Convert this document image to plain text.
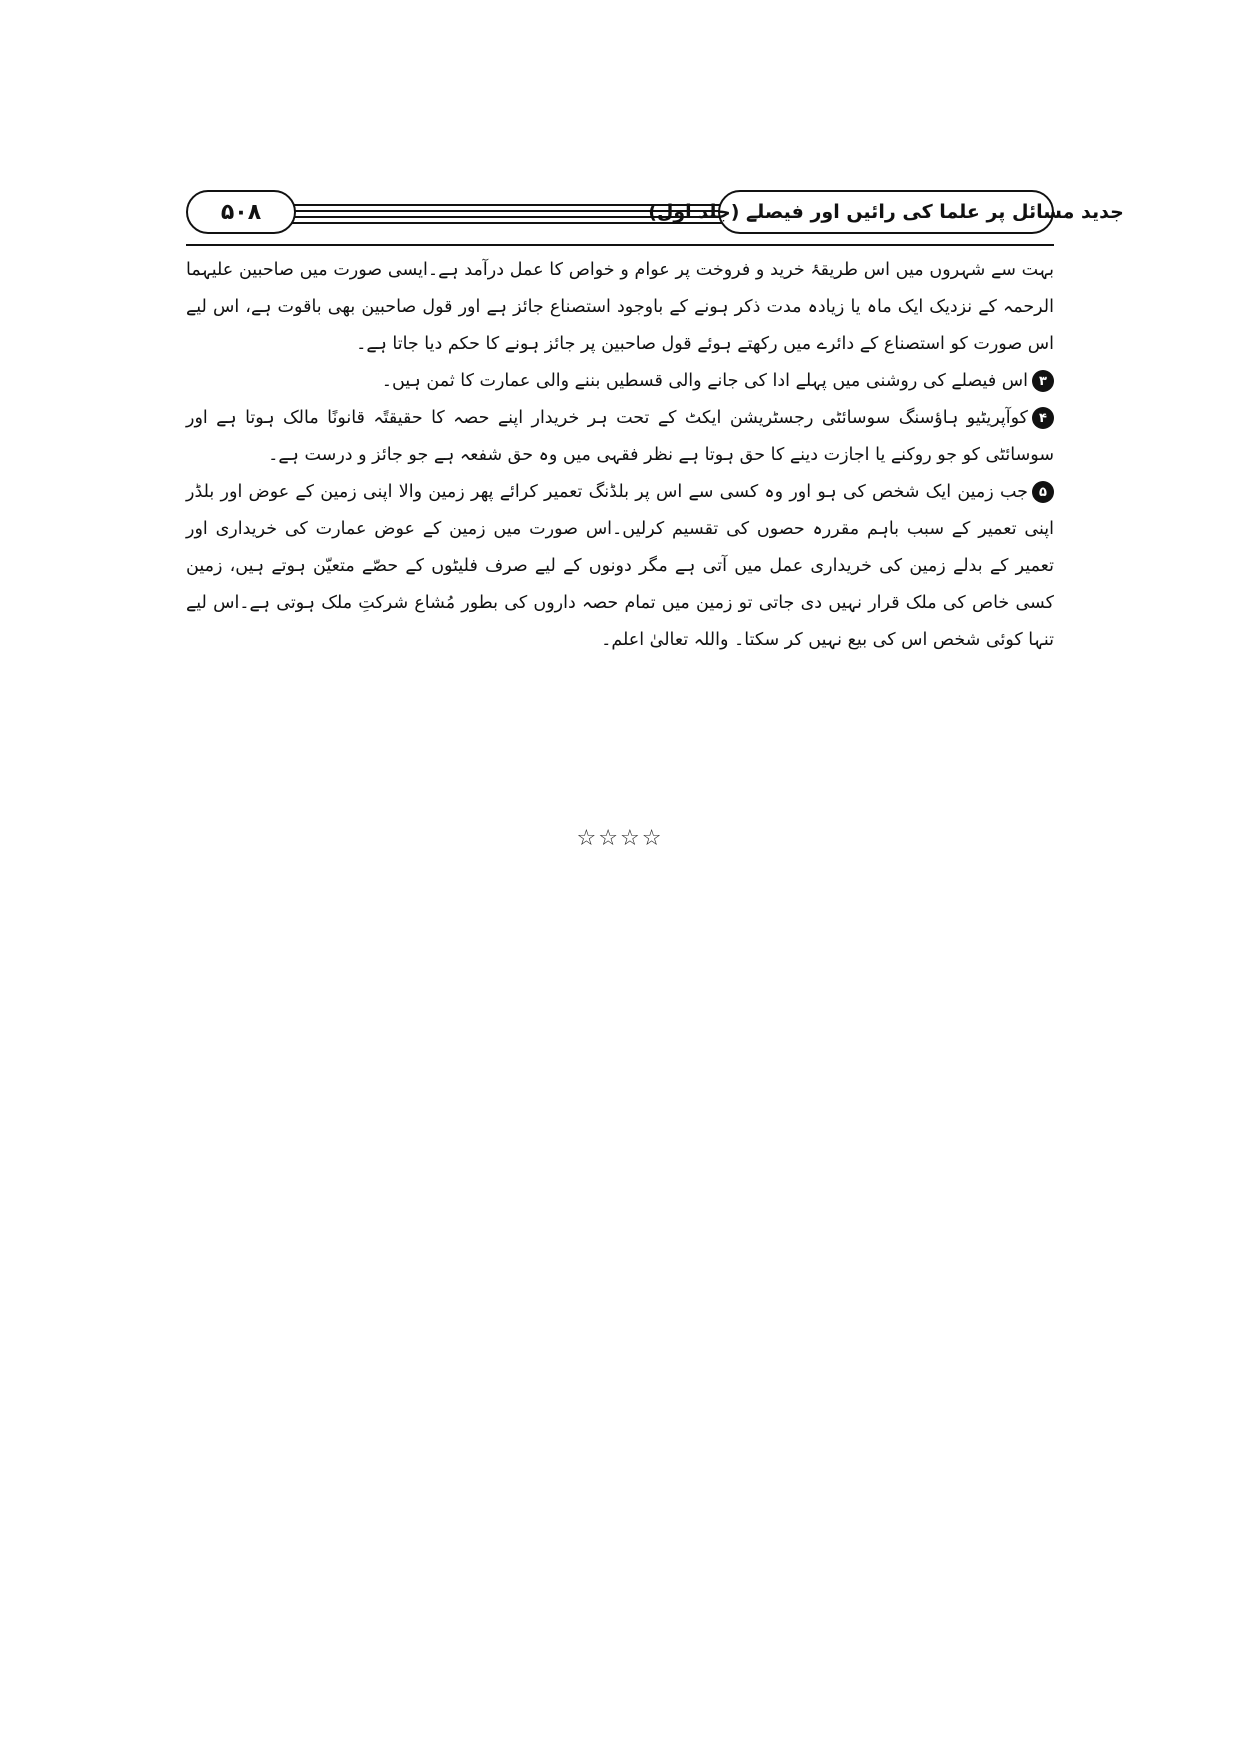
۵۰۸	جدید مسائل پر علما کی رائیں اور فیصلے (جلد اول)

بہت سے شہروں میں اس طریقۂ خرید و فروخت پر عوام و خواص کا عمل درآمد ہے۔ایسی صورت میں صاحبین علیہما الرحمہ کے نزدیک ایک ماہ یا زیادہ مدت ذکر ہونے کے باوجود استصناع جائز ہے اور قول صاحبین بھی باقوت ہے، اس لیے اس صورت کو استصناع کے دائرے میں رکھتے ہوئے قول صاحبین پر جائز ہونے کا حکم دیا جاتا ہے۔

۳اس فیصلے کی روشنی میں پہلے ادا کی جانے والی قسطیں بننے والی عمارت کا ثمن ہیں۔

۴کوآپریٹیو ہاؤسنگ سوسائٹی رجسٹریشن ایکٹ کے تحت ہر خریدار اپنے حصہ کا حقیقتًہ قانونًا مالک ہوتا ہے اور سوسائٹی کو جو روکنے یا اجازت دینے کا حق ہوتا ہے نظر فقہی میں وہ حق شفعہ ہے جو جائز و درست ہے۔

۵جب زمین ایک شخص کی ہو اور وہ کسی سے اس پر بلڈنگ تعمیر کرائے پھر زمین والا اپنی زمین کے عوض اور بلڈر اپنی تعمیر کے سبب باہم مقررہ حصوں کی تقسیم کرلیں۔اس صورت میں زمین کے عوض عمارت کی خریداری اور تعمیر کے بدلے زمین کی خریداری عمل میں آتی ہے مگر دونوں کے لیے صرف فلیٹوں کے حصّے متعیّن ہوتے ہیں، زمین کسی خاص کی ملک قرار نہیں دی جاتی تو زمین میں تمام حصہ داروں کی بطور مُشاع شرکتِ ملک ہوتی ہے۔اس لیے تنہا کوئی شخص اس کی بیع نہیں کر سکتا۔ واللہ تعالیٰ اعلم۔

☆☆☆☆
